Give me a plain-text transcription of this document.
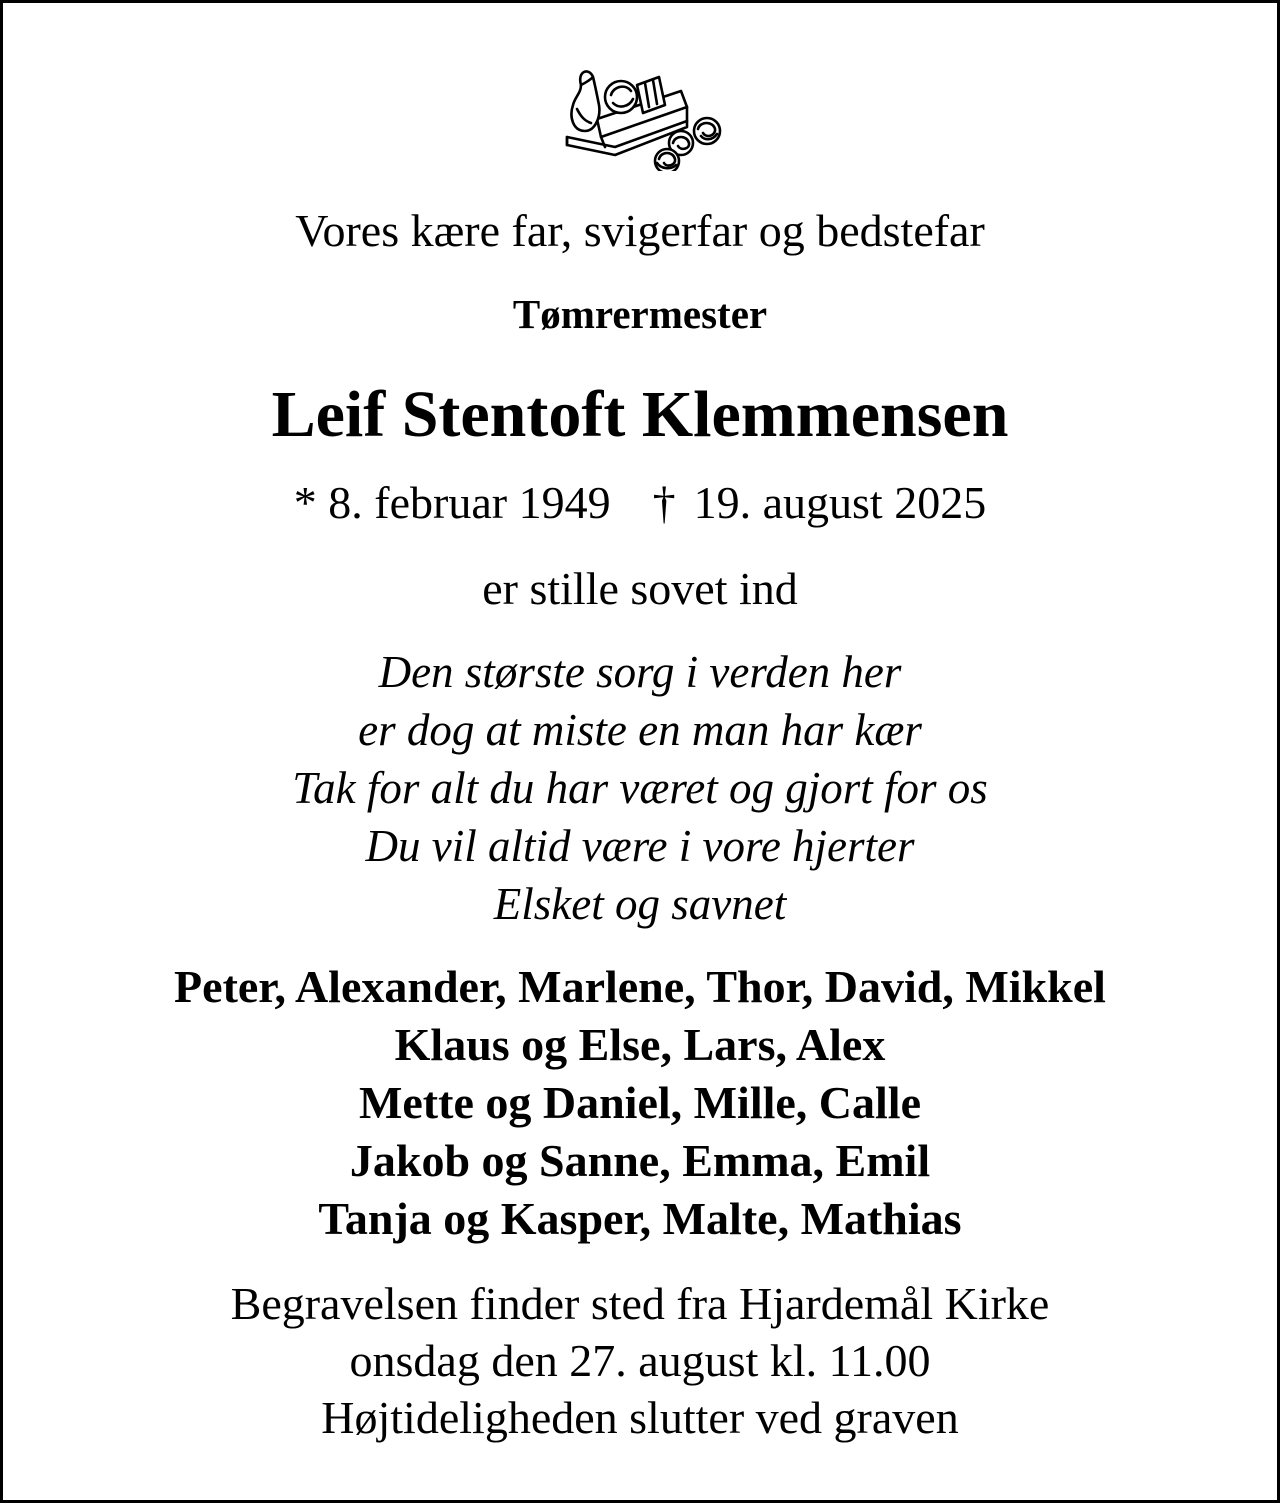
Vores kære far, svigerfar og bedstefar
Tømrermester
Leif Stentoft Klemmensen
* 8. februar 1949 † 19. august 2025
er stille sovet ind
Den største sorg i verden her
er dog at miste en man har kær
Tak for alt du har været og gjort for os
Du vil altid være i vore hjerter
Elsket og savnet
Peter, Alexander, Marlene, Thor, David, Mikkel
Klaus og Else, Lars, Alex
Mette og Daniel, Mille, Calle
Jakob og Sanne, Emma, Emil
Tanja og Kasper, Malte, Mathias
Begravelsen finder sted fra Hjardemål Kirke
onsdag den 27. august kl. 11.00
Højtideligheden slutter ved graven
